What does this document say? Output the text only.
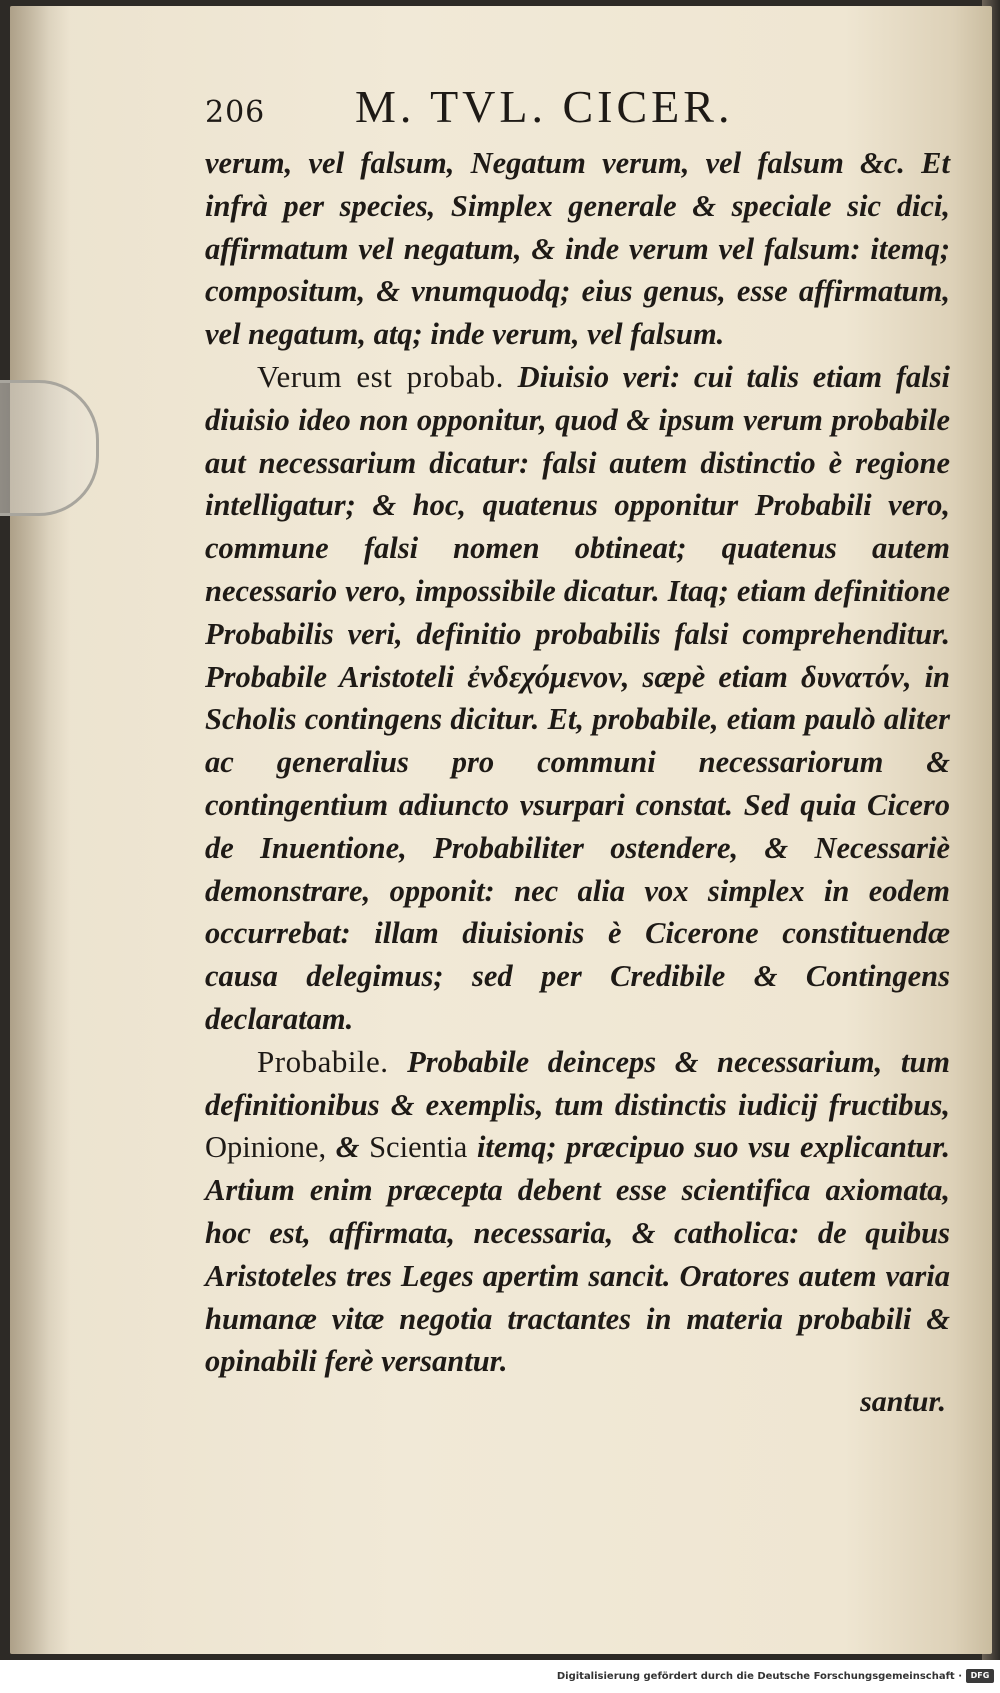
206	M. TVL. CICER.

verum, vel falsum, Negatum verum, vel falsum &c. Et infrà per species, Simplex generale & speciale sic dici, affirmatum vel negatum, & inde verum vel falsum: itemq; compositum, & vnumquodq; eius genus, esse affirmatum, vel negatum, atq; inde verum, vel falsum.

Verum est probab. Diuisio veri: cui talis etiam falsi diuisio ideo non opponitur, quod & ipsum verum probabile aut necessarium dicatur: falsi autem distinctio è regione intelligatur; & hoc, quatenus opponitur Probabili vero, commune falsi nomen obtineat; quatenus autem necessario vero, impossibile dicatur. Itaq; etiam definitione Probabilis veri, definitio probabilis falsi comprehenditur. Probabile Aristoteli ἐνδεχόμενον, sæpè etiam δυνατόν, in Scholis contingens dicitur. Et, probabile, etiam paulò aliter ac generalius pro communi necessariorum & contingentium adiuncto vsurpari constat. Sed quia Cicero de Inuentione, Probabiliter ostendere, & Necessariè demonstrare, opponit: nec alia vox simplex in eodem occurrebat: illam diuisionis è Cicerone constituendæ causa delegimus; sed per Credibile & Contingens declaratam.

Probabile. Probabile deinceps & necessarium, tum definitionibus & exemplis, tum distinctis iudicij fructibus, Opinione, & Scientia itemq; præcipuo suo vsu explicantur. Artium enim præcepta debent esse scientifica axiomata, hoc est, affirmata, necessaria, & catholica: de quibus Aristoteles tres Leges apertim sancit. Oratores autem varia humanæ vitæ negotia tractantes in materia probabili & opinabili ferè versantur.

santur.
Digitalisierung gefördert durch die Deutsche Forschungsgemeinschaft ·	DFG
